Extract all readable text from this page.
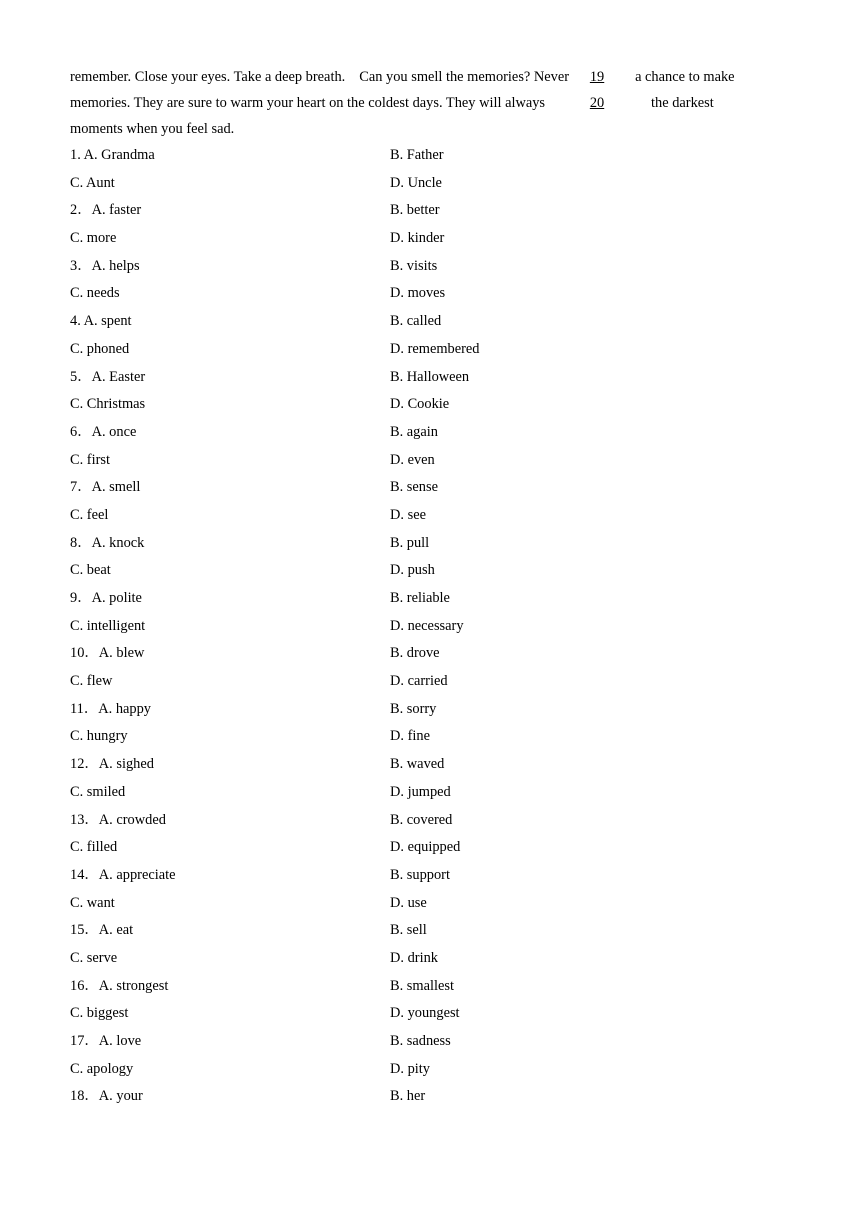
remember. Close your eyes. Take a deep breath. Can you smell the memories? Never 19 a chance to make
memories. They are sure to warm your heart on the coldest days. They will always	20	the darkest
moments when you feel sad.
1. A. Grandma	B. Father
C. Aunt	D. Uncle
2．A. faster	B. better
C. more	D. kinder
3．A. helps	B. visits
C. needs	D. moves
4. A. spent	B. called
C. phoned	D. remembered
5．A. Easter	B. Halloween
C. Christmas	D. Cookie
6．A. once	B. again
C. first	D. even
7．A. smell	B. sense
C. feel	D. see
8．A. knock	B. pull
C. beat	D. push
9．A. polite	B. reliable
C. intelligent	D. necessary
10．A. blew	B. drove
C. flew	D. carried
11．A. happy	B. sorry
C. hungry	D. fine
12．A. sighed	B. waved
C. smiled	D. jumped
13．A. crowded	B. covered
C. filled	D. equipped
14．A. appreciate	B. support
C. want	D. use
15．A. eat	B. sell
C. serve	D. drink
16．A. strongest	B. smallest
C. biggest	D. youngest
17．A. love	B. sadness
C. apology	D. pity
18．A. your	B. her
